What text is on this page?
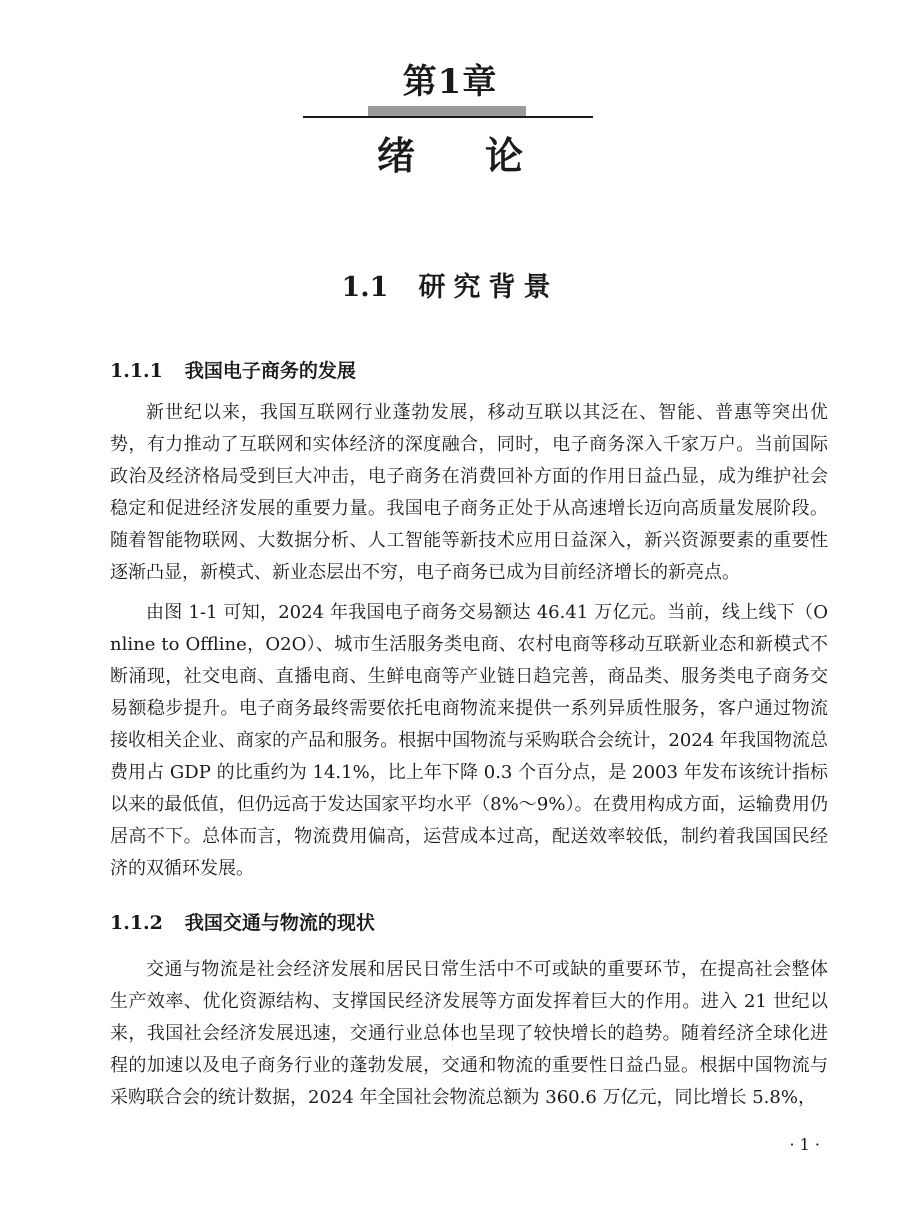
第1章
绪论
1.1 研究背景
1.1.1 我国电子商务的发展

新世纪以来，我国互联网行业蓬勃发展，移动互联以其泛在、智能、普惠等突出优势，有力推动了互联网和实体经济的深度融合，同时，电子商务深入千家万户。当前国际政治及经济格局受到巨大冲击，电子商务在消费回补方面的作用日益凸显，成为维护社会稳定和促进经济发展的重要力量。我国电子商务正处于从高速增长迈向高质量发展阶段。随着智能物联网、大数据分析、人工智能等新技术应用日益深入，新兴资源要素的重要性逐渐凸显，新模式、新业态层出不穷，电子商务已成为目前经济增长的新亮点。

由图 1-1 可知，2024 年我国电子商务交易额达 46.41 万亿元。当前，线上线下（Online to Offline，O2O）、城市生活服务类电商、农村电商等移动互联新业态和新模式不断涌现，社交电商、直播电商、生鲜电商等产业链日趋完善，商品类、服务类电子商务交易额稳步提升。电子商务最终需要依托电商物流来提供一系列异质性服务，客户通过物流接收相关企业、商家的产品和服务。根据中国物流与采购联合会统计，2024 年我国物流总费用占 GDP 的比重约为 14.1%，比上年下降 0.3 个百分点，是 2003 年发布该统计指标以来的最低值，但仍远高于发达国家平均水平（8%～9%）。在费用构成方面，运输费用仍居高不下。总体而言，物流费用偏高，运营成本过高，配送效率较低，制约着我国国民经济的双循环发展。

1.1.2 我国交通与物流的现状

交通与物流是社会经济发展和居民日常生活中不可或缺的重要环节，在提高社会整体生产效率、优化资源结构、支撑国民经济发展等方面发挥着巨大的作用。进入 21 世纪以来，我国社会经济发展迅速，交通行业总体也呈现了较快增长的趋势。随着经济全球化进程的加速以及电子商务行业的蓬勃发展，交通和物流的重要性日益凸显。根据中国物流与采购联合会的统计数据，2024 年全国社会物流总额为 360.6 万亿元，同比增长 5.8%，

· 1 ·
